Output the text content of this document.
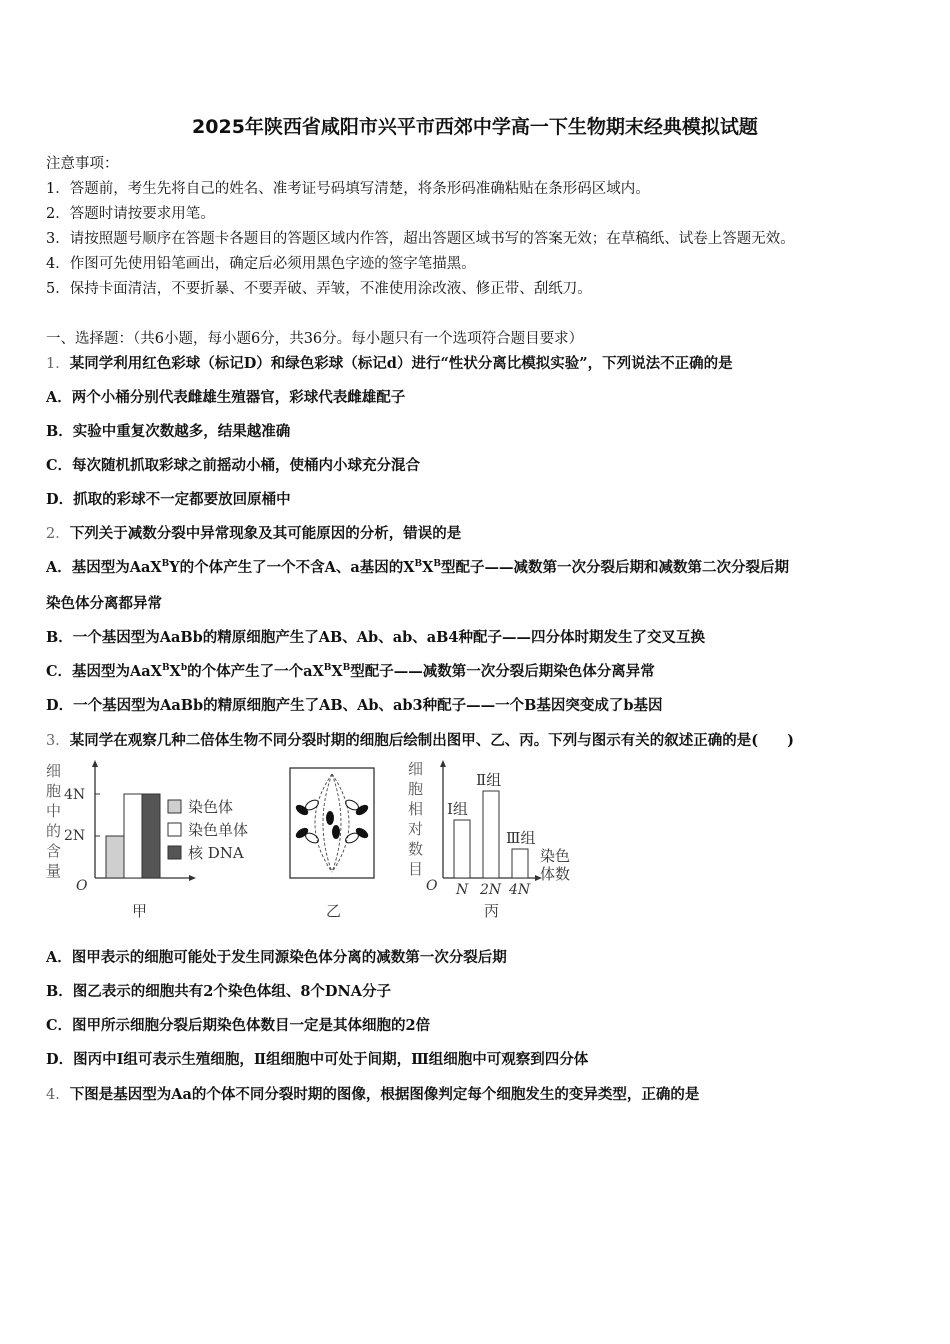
2025年陕西省咸阳市兴平市西郊中学高一下生物期末经典模拟试题
注意事项：
1．答题前，考生先将自己的姓名、准考证号码填写清楚，将条形码准确粘贴在条形码区域内。
2．答题时请按要求用笔。
3．请按照题号顺序在答题卡各题目的答题区域内作答，超出答题区域书写的答案无效；在草稿纸、试卷上答题无效。
4．作图可先使用铅笔画出，确定后必须用黑色字迹的签字笔描黑。
5．保持卡面清洁，不要折暴、不要弄破、弄皱，不准使用涂改液、修正带、刮纸刀。
一、选择题：（共6小题，每小题6分，共36分。每小题只有一个选项符合题目要求）
1．某同学利用红色彩球（标记D）和绿色彩球（标记d）进行“性状分离比模拟实验”，下列说法不正确的是
A．两个小桶分别代表雌雄生殖器官，彩球代表雌雄配子
B．实验中重复次数越多，结果越准确
C．每次随机抓取彩球之前摇动小桶，使桶内小球充分混合
D．抓取的彩球不一定都要放回原桶中
2．下列关于减数分裂中异常现象及其可能原因的分析，错误的是
A．基因型为AaX$^B$Y的个体产生了一个不含A、a基因的$X^BX^B$型配子——减数第一次分裂后期和减数第二次分裂后期
染色体分离都异常
B．一个基因型为AaBb的精原细胞产生了AB、Ab、ab、aB4种配子——四分体时期发生了交叉互换
C．基因型为$AaX^BX^b$的个体产生了一个$aX^BX^B$型配子——减数第一次分裂后期染色体分离异常
D．一个基因型为AaBb的精原细胞产生了AB、Ab、ab3种配子——一个B基因突变成了b基因
3．某同学在观察几种二倍体生物不同分裂时期的细胞后绘制出图甲、乙、丙。下列与图示有关的叙述正确的是(　　)
细
胞
中
的
含
量
O
4N
2N
染色体
染色单体
核 DNA
甲	乙
细
胞
相
对
数
目
O
Ⅰ组
Ⅱ组
Ⅲ组
染色
体数
N 2N 4N
丙
A．图甲表示的细胞可能处于发生同源染色体分离的减数第一次分裂后期
B．图乙表示的细胞共有2个染色体组、8个DNA分子
C．图甲所示细胞分裂后期染色体数目一定是其体细胞的2倍
D．图丙中Ⅰ组可表示生殖细胞，Ⅱ组细胞中可处于间期，Ⅲ组细胞中可观察到四分体
4．下图是基因型为Aa的个体不同分裂时期的图像，根据图像判定每个细胞发生的变异类型，正确的是
